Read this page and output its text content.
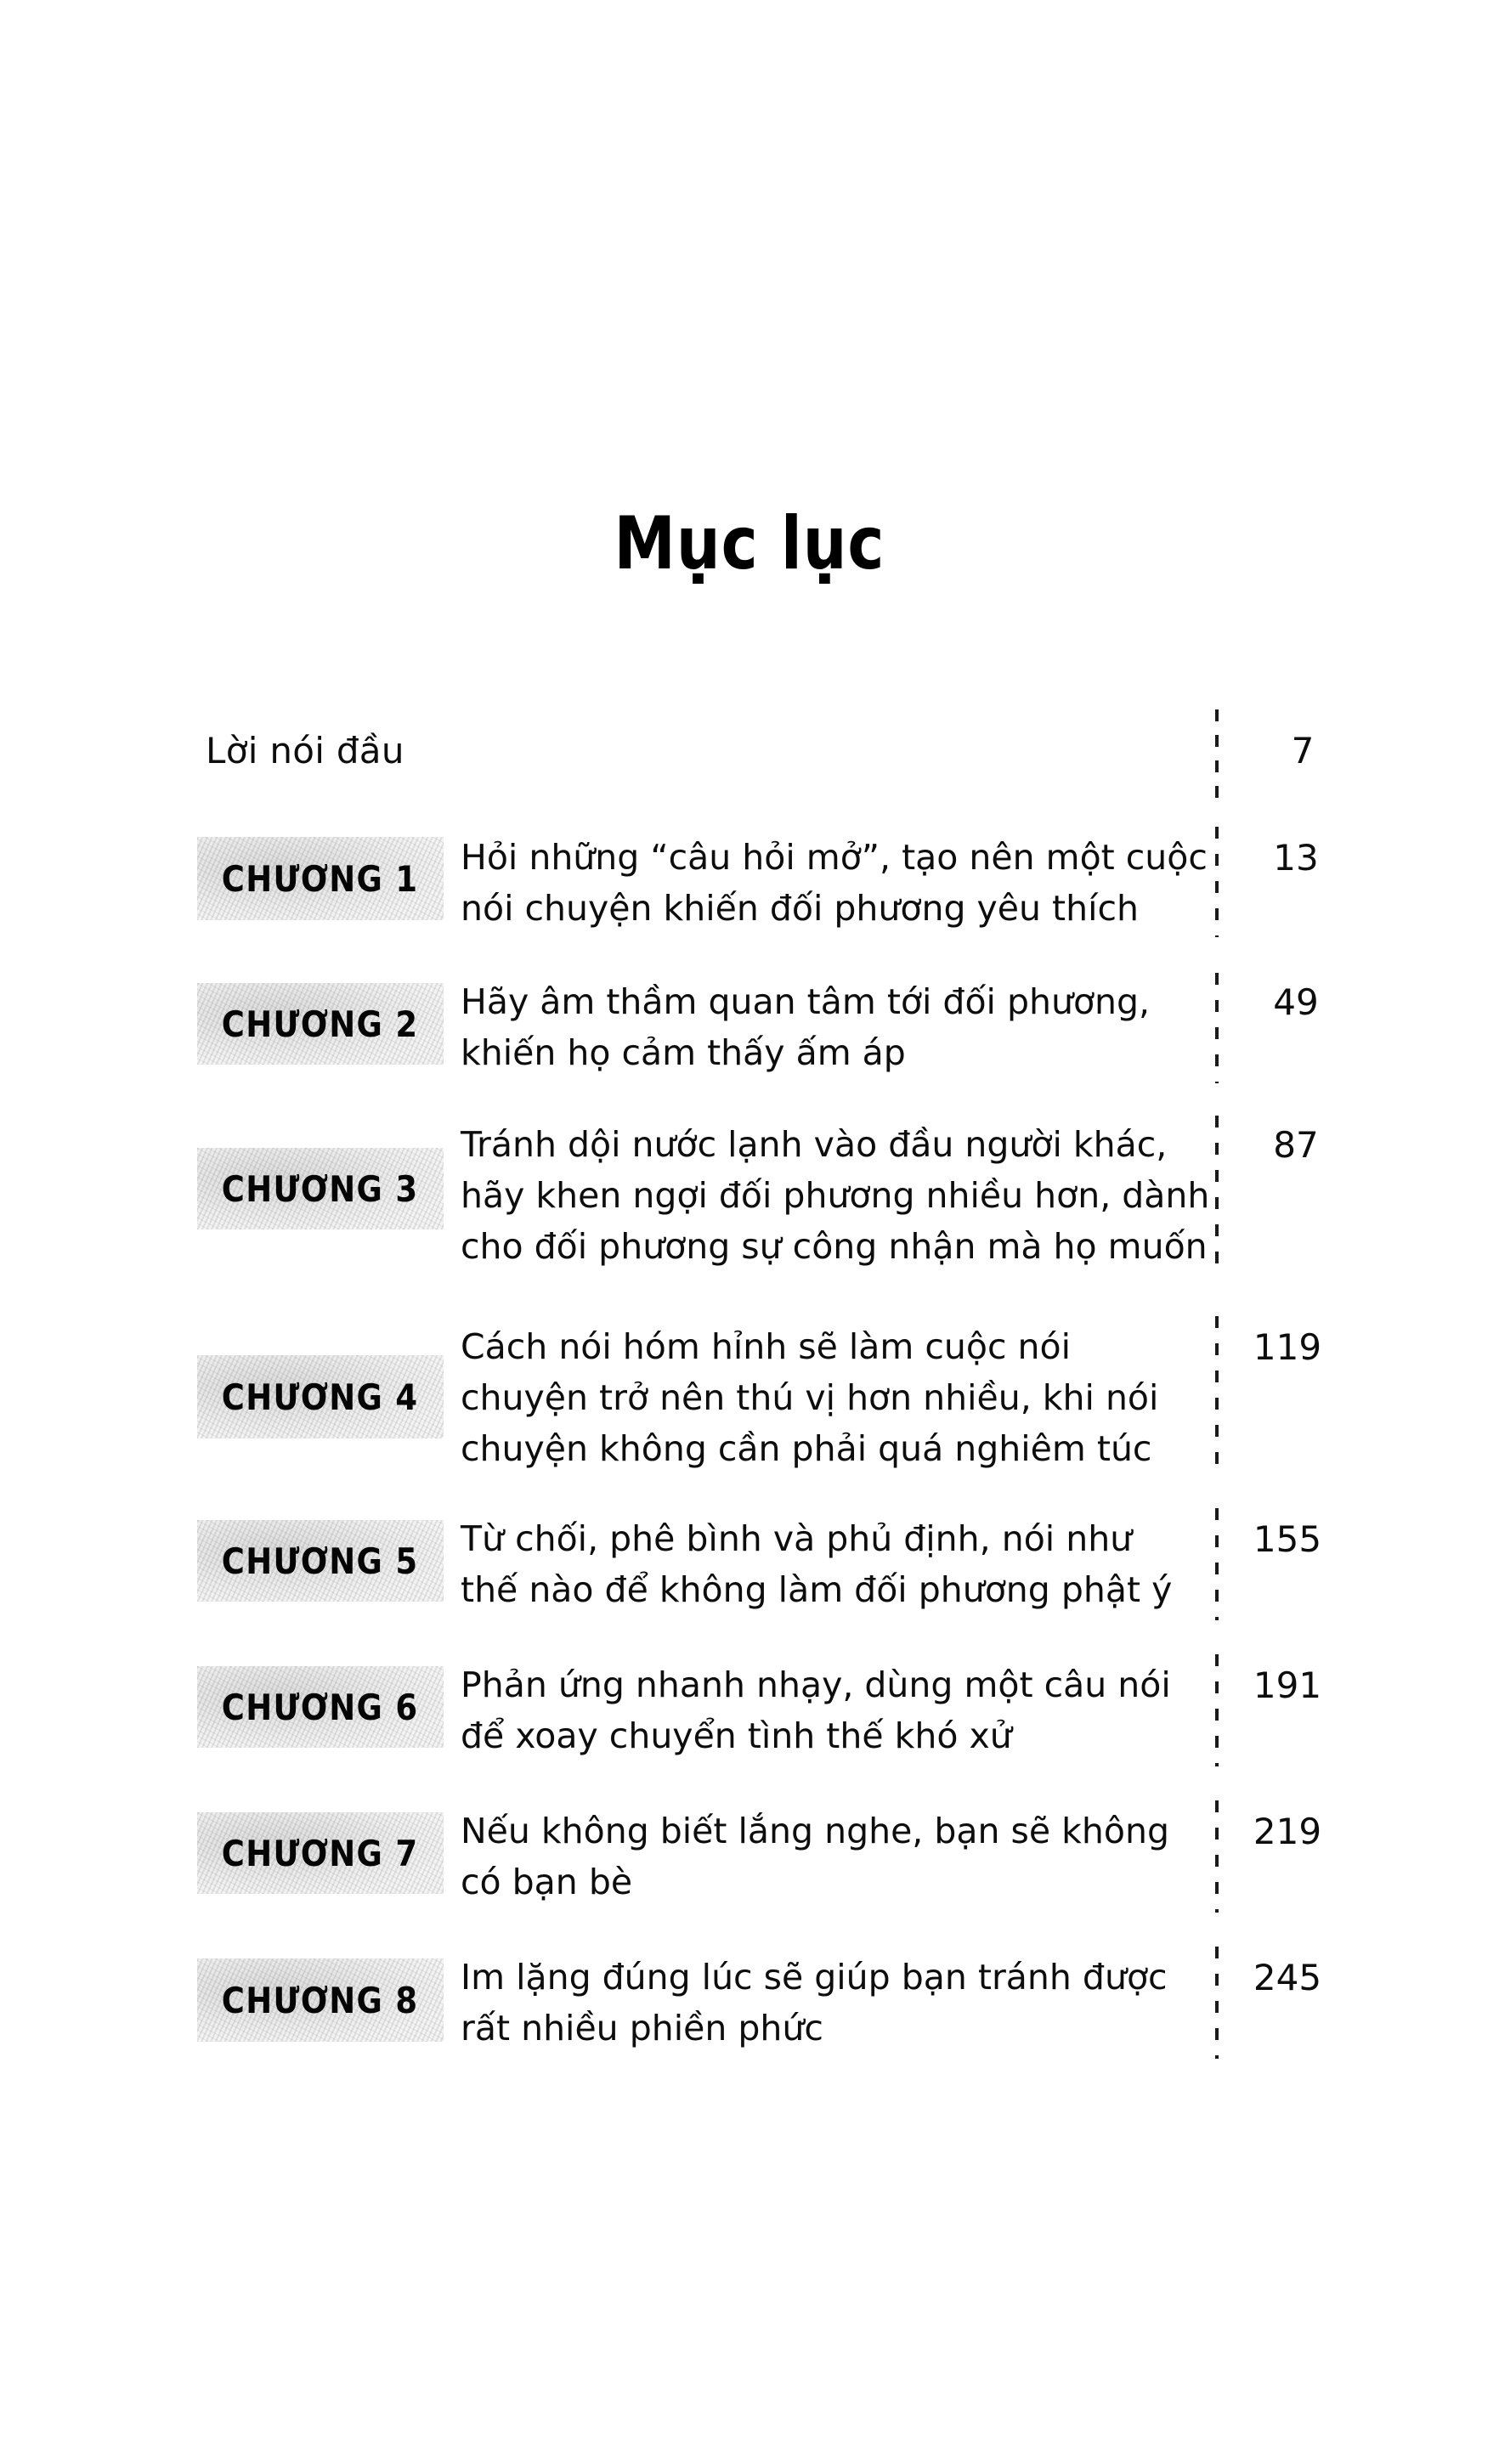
Mục lục
Lời nói đầu	7
CHƯƠNG 1
Hỏi những “câu hỏi mở”, tạo nên một cuộc
nói chuyện khiến đối phương yêu thích
13
CHƯƠNG 2
Hãy âm thầm quan tâm tới đối phương,
khiến họ cảm thấy ấm áp
49
CHƯƠNG 3
Tránh dội nước lạnh vào đầu người khác,
hãy khen ngợi đối phương nhiều hơn, dành
cho đối phương sự công nhận mà họ muốn
87
CHƯƠNG 4
Cách nói hóm hỉnh sẽ làm cuộc nói
chuyện trở nên thú vị hơn nhiều, khi nói
chuyện không cần phải quá nghiêm túc
119
CHƯƠNG 5
Từ chối, phê bình và phủ định, nói như
thế nào để không làm đối phương phật ý
155
CHƯƠNG 6
Phản ứng nhanh nhạy, dùng một câu nói
để xoay chuyển tình thế khó xử
191
CHƯƠNG 7
Nếu không biết lắng nghe, bạn sẽ không
có bạn bè
219
CHƯƠNG 8
Im lặng đúng lúc sẽ giúp bạn tránh được
rất nhiều phiền phức
245
